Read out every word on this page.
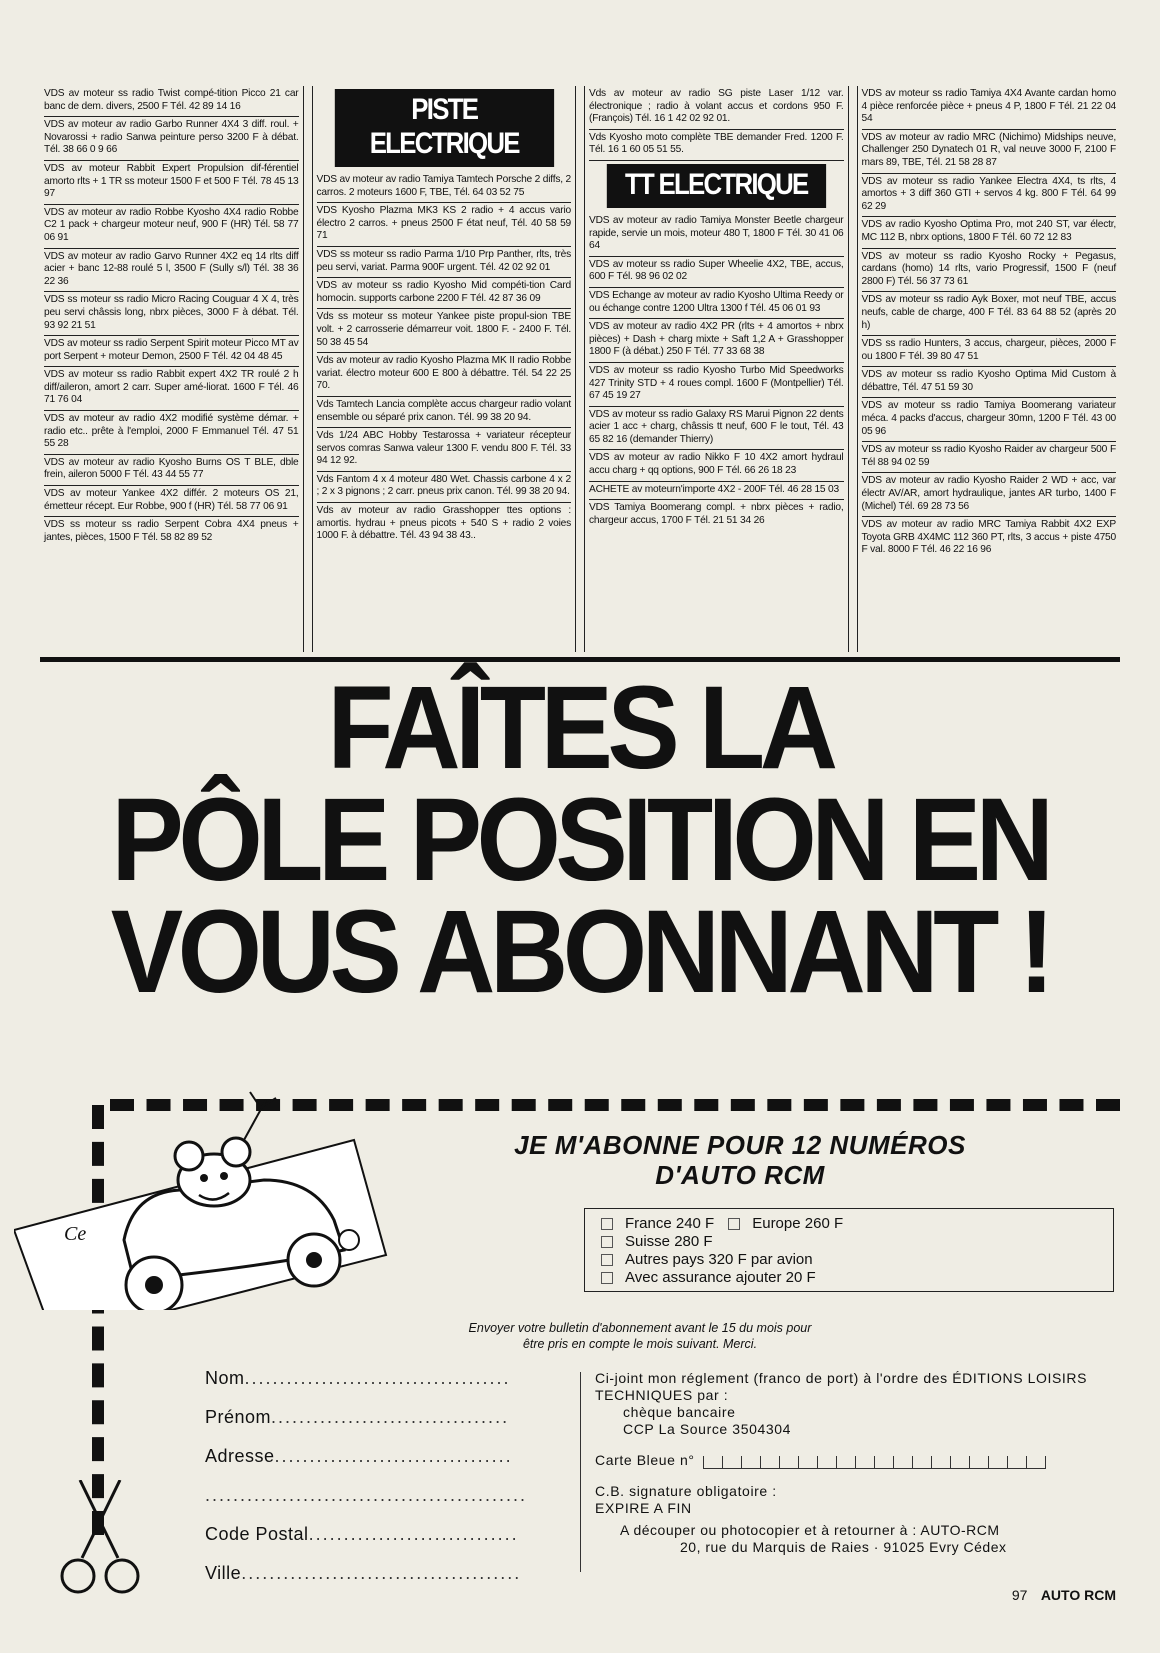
VDS av moteur ss radio Twist compé-tition Picco 21 car banc de dem. divers, 2500 F Tél. 42 89 14 16
VDS av moteur av radio Garbo Runner 4X4 3 diff. roul. + Novarossi + radio Sanwa peinture perso 3200 F à débat. Tél. 38 66 0 9 66
VDS av moteur Rabbit Expert Propulsion dif-férentiel amorto rlts + 1 TR ss moteur 1500 F et 500 F Tél. 78 45 13 97
VDS av moteur av radio Robbe Kyosho 4X4 radio Robbe C2 1 pack + chargeur moteur neuf, 900 F (HR) Tél. 58 77 06 91
VDS av moteur av radio Garvo Runner 4X2 eq 14 rlts diff acier + banc 12-88 roulé 5 l, 3500 F (Sully s/l) Tél. 38 36 22 36
VDS ss moteur ss radio Micro Racing Couguar 4 X 4, très peu servi châssis long, nbrx pièces, 3000 F à débat. Tél. 93 92 21 51
VDS av moteur ss radio Serpent Spirit moteur Picco MT av port Serpent + moteur Demon, 2500 F Tél. 42 04 48 45
VDS av moteur ss radio Rabbit expert 4X2 TR roulé 2 h diff/aileron, amort 2 carr. Super amé-liorat. 1600 F Tél. 46 71 76 04
VDS av moteur av radio 4X2 modifié système démar. + radio etc.. prête à l'emploi, 2000 F Emmanuel Tél. 47 51 55 28
VDS av moteur av radio Kyosho Burns OS T BLE, dble frein, aileron 5000 F Tél. 43 44 55 77
VDS av moteur Yankee 4X2 différ. 2 moteurs OS 21, émetteur récept. Eur Robbe, 900 f (HR) Tél. 58 77 06 91
VDS ss moteur ss radio Serpent Cobra 4X4 pneus + jantes, pièces, 1500 F Tél. 58 82 89 52
PISTE ELECTRIQUE
VDS av moteur av radio Tamiya Tamtech Porsche 2 diffs, 2 carros. 2 moteurs 1600 F, TBE, Tél. 64 03 52 75
VDS Kyosho Plazma MK3 KS 2 radio + 4 accus vario électro 2 carros. + pneus 2500 F état neuf, Tél. 40 58 59 71
VDS ss moteur ss radio Parma 1/10 Prp Panther, rlts, très peu servi, variat. Parma 900F urgent. Tél. 42 02 92 01
VDS av moteur ss radio Kyosho Mid compéti-tion Card homocin. supports carbone 2200 F Tél. 42 87 36 09
Vds ss moteur ss moteur Yankee piste propul-sion TBE volt. + 2 carrosserie démarreur voit. 1800 F. - 2400 F. Tél. 50 38 45 54
Vds av moteur av radio Kyosho Plazma MK II radio Robbe variat. électro moteur 600 E 800 à débattre. Tél. 54 22 25 70.
Vds Tamtech Lancia complète accus chargeur radio volant ensemble ou séparé prix canon. Tél. 99 38 20 94.
Vds 1/24 ABC Hobby Testarossa + variateur récepteur servos comras Sanwa valeur 1300 F. vendu 800 F. Tél. 33 94 12 92.
Vds Fantom 4 x 4 moteur 480 Wet. Chassis carbone 4 x 2 ; 2 x 3 pignons ; 2 carr. pneus prix canon. Tél. 99 38 20 94.
Vds av moteur av radio Grasshopper ttes options : amortis. hydrau + pneus picots + 540 S + radio 2 voies 1000 F. à débattre. Tél. 43 94 38 43..
Vds av moteur av radio SG piste Laser 1/12 var. électronique ; radio à volant accus et cordons 950 F. (François) Tél. 16 1 42 02 92 01.
Vds Kyosho moto complète TBE demander Fred. 1200 F. Tél. 16 1 60 05 51 55.
TT ELECTRIQUE
VDS av moteur av radio Tamiya Monster Beetle chargeur rapide, servie un mois, moteur 480 T, 1800 F Tél. 30 41 06 64
VDS av moteur ss radio Super Wheelie 4X2, TBE, accus, 600 F Tél. 98 96 02 02
VDS Echange av moteur av radio Kyosho Ultima Reedy or ou échange contre 1200 Ultra 1300 f Tél. 45 06 01 93
VDS av moteur av radio 4X2 PR (rlts + 4 amortos + nbrx pièces) + Dash + charg mixte + Saft 1,2 A + Grasshopper 1800 F (à débat.) 250 F Tél. 77 33 68 38
VDS av moteur ss radio Kyosho Turbo Mid Speedworks 427 Trinity STD + 4 roues compl. 1600 F (Montpellier) Tél. 67 45 19 27
VDS av moteur ss radio Galaxy RS Marui Pignon 22 dents acier 1 acc + charg, châssis tt neuf, 600 F le tout, Tél. 43 65 82 16 (demander Thierry)
VDS av moteur av radio Nikko F 10 4X2 amort hydraul accu charg + qq options, 900 F Tél. 66 26 18 23
ACHETE av moteurn'importe 4X2 - 200F Tél. 46 28 15 03
VDS Tamiya Boomerang compl. + nbrx pièces + radio, chargeur accus, 1700 F Tél. 21 51 34 26
VDS av moteur ss radio Tamiya 4X4 Avante cardan homo 4 pièce renforcée pièce + pneus 4 P, 1800 F Tél. 21 22 04 54
VDS av moteur av radio MRC (Nichimo) Midships neuve, Challenger 250 Dynatech 01 R, val neuve 3000 F, 2100 F mars 89, TBE, Tél. 21 58 28 87
VDS av moteur ss radio Yankee Electra 4X4, ts rlts, 4 amortos + 3 diff 360 GTI + servos 4 kg. 800 F Tél. 64 99 62 29
VDS av radio Kyosho Optima Pro, mot 240 ST, var électr, MC 112 B, nbrx options, 1800 F Tél. 60 72 12 83
VDS av moteur ss radio Kyosho Rocky + Pegasus, cardans (homo) 14 rlts, vario Progressif, 1500 F (neuf 2800 F) Tél. 56 37 73 61
VDS av moteur ss radio Ayk Boxer, mot neuf TBE, accus neufs, cable de charge, 400 F Tél. 83 64 88 52 (après 20 h)
VDS ss radio Hunters, 3 accus, chargeur, pièces, 2000 F ou 1800 F Tél. 39 80 47 51
VDS av moteur ss radio Kyosho Optima Mid Custom à débattre, Tél. 47 51 59 30
VDS av moteur ss radio Tamiya Boomerang variateur méca. 4 packs d'accus, chargeur 30mn, 1200 F Tél. 43 00 05 96
VDS av moteur ss radio Kyosho Raider av chargeur 500 F Tél 88 94 02 59
VDS av moteur av radio Kyosho Raider 2 WD + acc, var électr AV/AR, amort hydraulique, jantes AR turbo, 1400 F (Michel) Tél. 69 28 73 56
VDS av moteur av radio MRC Tamiya Rabbit 4X2 EXP Toyota GRB 4X4MC 112 360 PT, rlts, 3 accus + piste 4750 F val. 8000 F Tél. 46 22 16 96
FAÎTES LA
PÔLE POSITION EN
VOUS ABONNANT !
Ce
JE M'ABONNE POUR 12 NUMÉROS
D'AUTO RCM
France 240 F	Europe 260 F
Suisse 280 F
Autres pays 320 F par avion
Avec assurance ajouter 20 F
Envoyer votre bulletin d'abonnement avant le 15 du mois pour
être pris en compte le mois suivant. Merci.
Nom......................................
Prénom..................................
Adresse..................................
..............................................
Code Postal..............................
Ville........................................
Ci-joint mon réglement (franco de port) à l'ordre des ÉDITIONS LOISIRS TECHNIQUES par :
chèque bancaire
CCP La Source 3504304
Carte Bleue n°
C.B. signature obligatoire :
EXPIRE A FIN
A découper ou photocopier et à retourner à : AUTO-RCM
20, rue du Marquis de Raies · 91025 Evry Cédex
97 AUTO RCM
